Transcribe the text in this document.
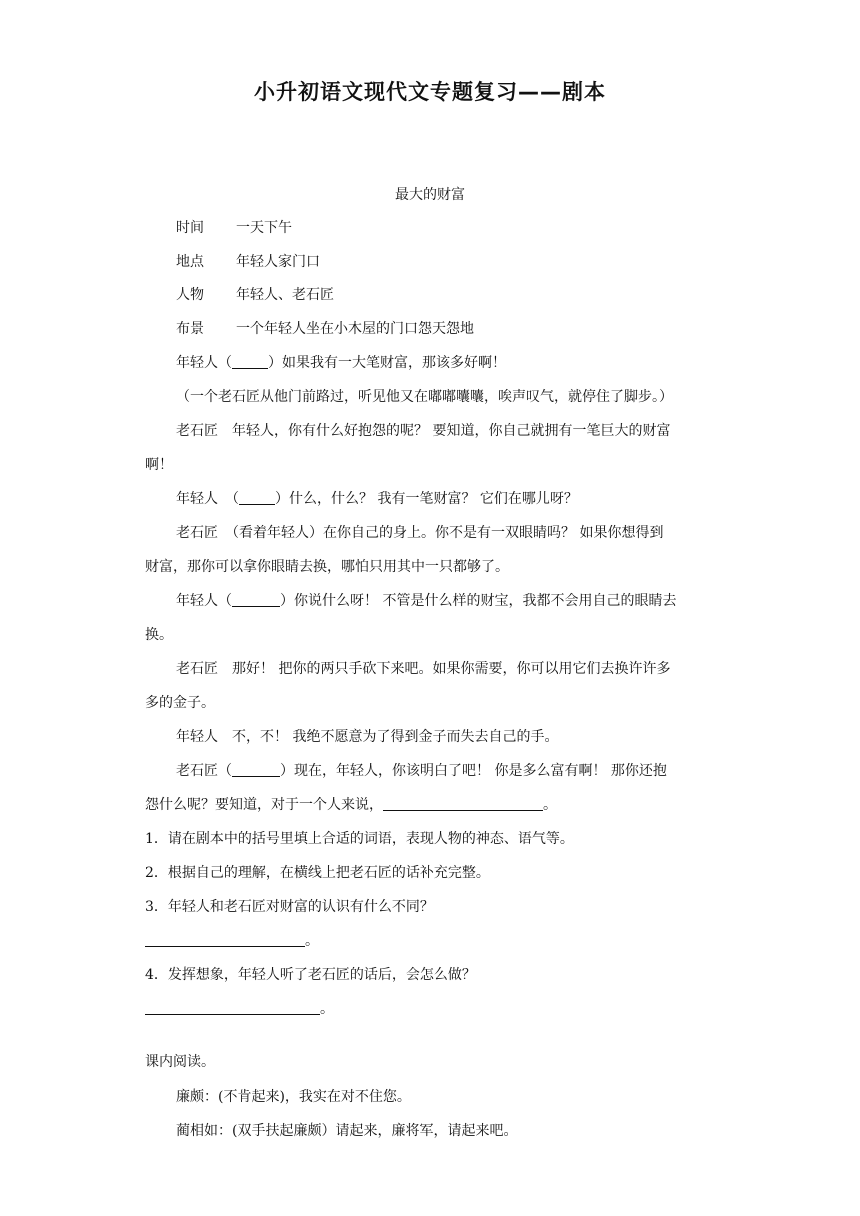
小升初语文现代文专题复习——剧本
最大的财富
时间 一天下午
地点 年轻人家门口
人物 年轻人、老石匠
布景 一个年轻人坐在小木屋的门口怨天怨地
年轻人（	）如果我有一大笔财富，那该多好啊！
（一个老石匠从他门前路过，听见他又在嘟嘟囔囔，唉声叹气，就停住了脚步。）
老石匠　年轻人，你有什么好抱怨的呢？ 要知道，你自己就拥有一笔巨大的财富
啊！
年轻人　（	）什么，什么？ 我有一笔财富？ 它们在哪儿呀？
老石匠　（看着年轻人）在你自己的身上。你不是有一双眼睛吗？ 如果你想得到
财富，那你可以拿你眼睛去换，哪怕只用其中一只都够了。
年轻人（	）你说什么呀！ 不管是什么样的财宝，我都不会用自己的眼睛去
换。
老石匠　那好！ 把你的两只手砍下来吧。如果你需要，你可以用它们去换许许多
多的金子。
年轻人　不，不！ 我绝不愿意为了得到金子而失去自己的手。
老石匠（	）现在，年轻人，你该明白了吧！ 你是多么富有啊！ 那你还抱
怨什么呢？要知道，对于一个人来说，	。
1．请在剧本中的括号里填上合适的词语，表现人物的神态、语气等。
2．根据自己的理解，在横线上把老石匠的话补充完整。
3．年轻人和老石匠对财富的认识有什么不同？
。
4．发挥想象，年轻人听了老石匠的话后，会怎么做？
。
课内阅读。
廉颇：(不肯起来)，我实在对不住您。
蔺相如：(双手扶起廉颇）请起来，廉将军，请起来吧。
